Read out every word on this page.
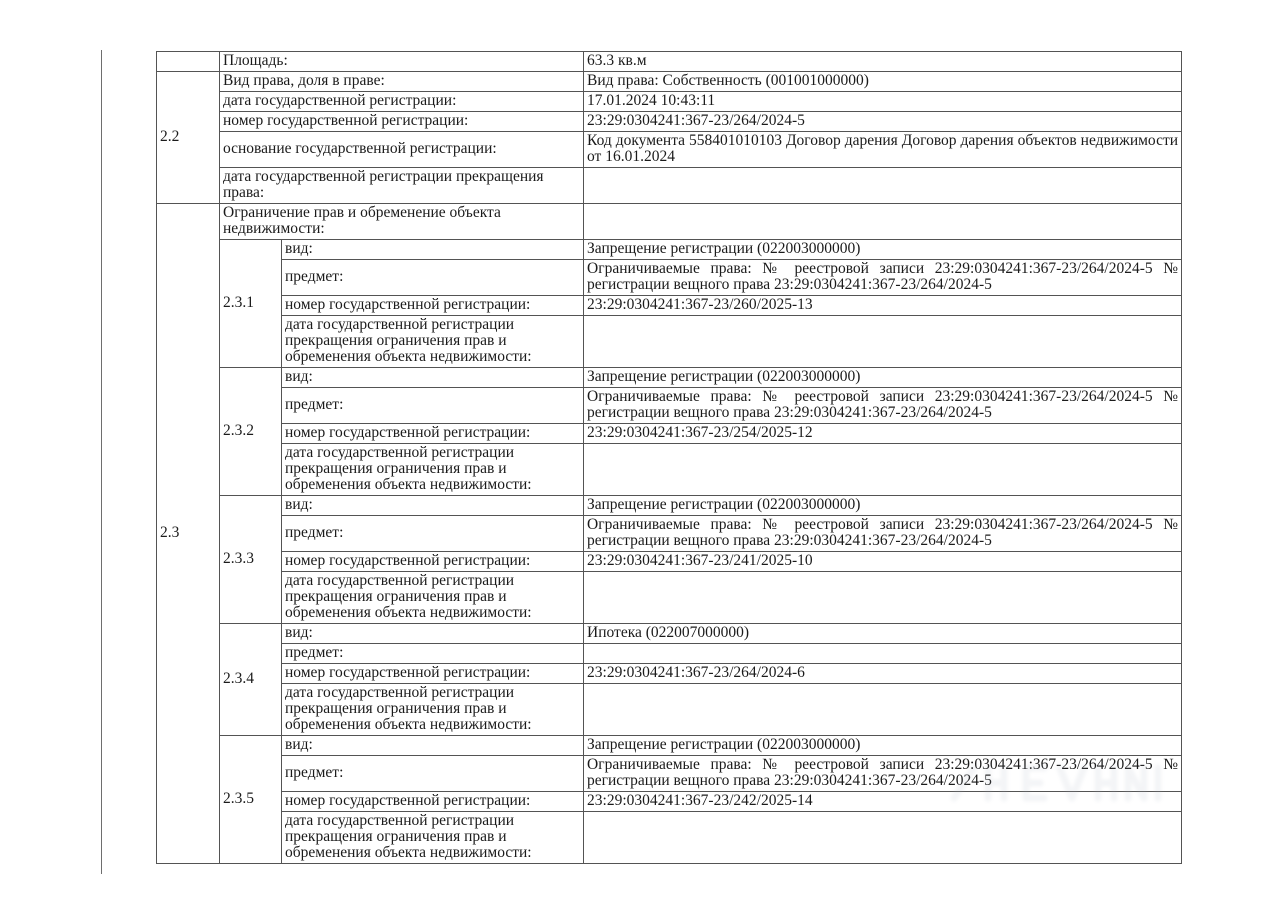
	Площадь:		63.3 кв.м
2.2	Вид права, доля в праве:		Вид права: Собственность (001001000000)
	дата государственной регистрации:		17.01.2024 10:43:11
	номер государственной регистрации:		23:29:0304241:367-23/264/2024-5
	основание государственной регистрации:		Код документа 558401010103 Договор дарения Договор дарения объектов недвижимости от 16.01.2024
	дата государственной регистрации прекращения права:		
2.3	Ограничение прав и обременение объекта недвижимости:		
	2.3.1	вид:	Запрещение регистрации (022003000000)
		предмет:	Ограничиваемые права: № реестровой записи 23:29:0304241:367-23/264/2024-5 № регистрации вещного права 23:29:0304241:367-23/264/2024-5
		номер государственной регистрации:	23:29:0304241:367-23/260/2025-13
		дата государственной регистрации прекращения ограничения прав и обременения объекта недвижимости:	
	2.3.2	вид:	Запрещение регистрации (022003000000)
		предмет:	Ограничиваемые права: № реестровой записи 23:29:0304241:367-23/264/2024-5 № регистрации вещного права 23:29:0304241:367-23/264/2024-5
		номер государственной регистрации:	23:29:0304241:367-23/254/2025-12
		дата государственной регистрации прекращения ограничения прав и обременения объекта недвижимости:	
	2.3.3	вид:	Запрещение регистрации (022003000000)
		предмет:	Ограничиваемые права: № реестровой записи 23:29:0304241:367-23/264/2024-5 № регистрации вещного права 23:29:0304241:367-23/264/2024-5
		номер государственной регистрации:	23:29:0304241:367-23/241/2025-10
		дата государственной регистрации прекращения ограничения прав и обременения объекта недвижимости:	
	2.3.4	вид:	Ипотека (022007000000)
		предмет:	
		номер государственной регистрации:	23:29:0304241:367-23/264/2024-6
		дата государственной регистрации прекращения ограничения прав и обременения объекта недвижимости:	
	2.3.5	вид:	Запрещение регистрации (022003000000)
		предмет:	Ограничиваемые права: № реестровой записи 23:29:0304241:367-23/264/2024-5 № регистрации вещного права 23:29:0304241:367-23/264/2024-5
		номер государственной регистрации:	23:29:0304241:367-23/242/2025-14
		дата государственной регистрации прекращения ограничения прав и обременения объекта недвижимости:	
